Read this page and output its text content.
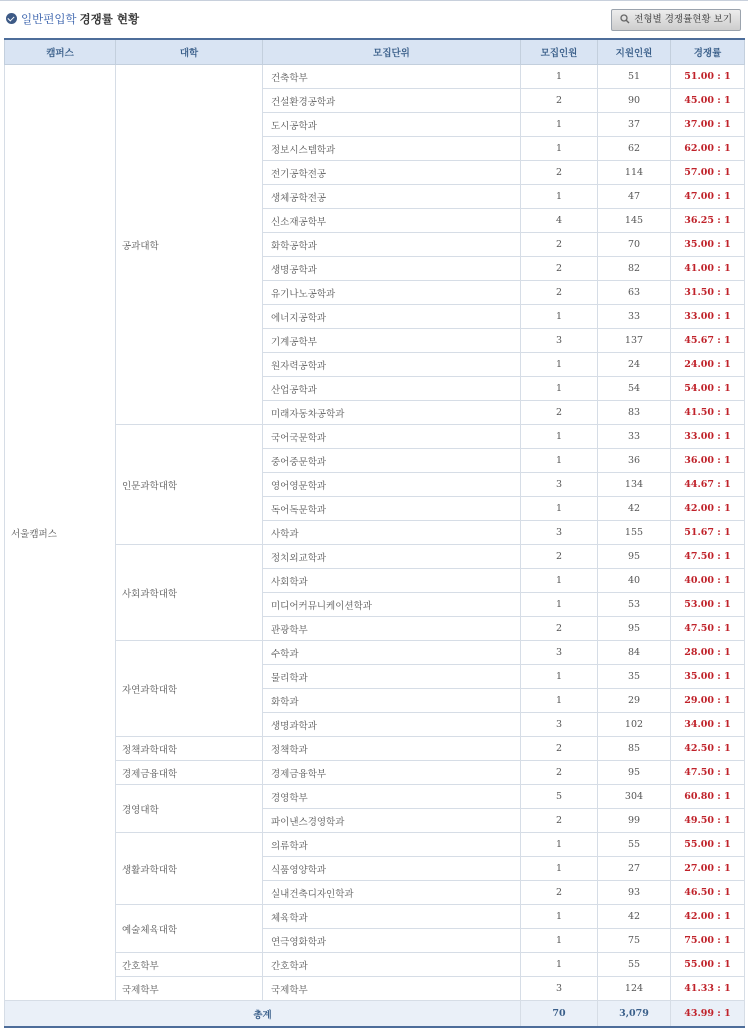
일반편입학 경쟁률 현황	전형별 경쟁률현황 보기
캠퍼스	대학	모집단위	모집인원	지원인원	경쟁률
서울캠퍼스	공과대학	건축학부	1	51	51.00 : 1
		건설환경공학과	2	90	45.00 : 1
		도시공학과	1	37	37.00 : 1
		정보시스템학과	1	62	62.00 : 1
		전기공학전공	2	114	57.00 : 1
		생체공학전공	1	47	47.00 : 1
		신소재공학부	4	145	36.25 : 1
		화학공학과	2	70	35.00 : 1
		생명공학과	2	82	41.00 : 1
		유기나노공학과	2	63	31.50 : 1
		에너지공학과	1	33	33.00 : 1
		기계공학부	3	137	45.67 : 1
		원자력공학과	1	24	24.00 : 1
		산업공학과	1	54	54.00 : 1
		미래자동차공학과	2	83	41.50 : 1
	인문과학대학	국어국문학과	1	33	33.00 : 1
		중어중문학과	1	36	36.00 : 1
		영어영문학과	3	134	44.67 : 1
		독어독문학과	1	42	42.00 : 1
		사학과	3	155	51.67 : 1
	사회과학대학	정치외교학과	2	95	47.50 : 1
		사회학과	1	40	40.00 : 1
		미디어커뮤니케이션학과	1	53	53.00 : 1
		관광학부	2	95	47.50 : 1
	자연과학대학	수학과	3	84	28.00 : 1
		물리학과	1	35	35.00 : 1
		화학과	1	29	29.00 : 1
		생명과학과	3	102	34.00 : 1
	정책과학대학	정책학과	2	85	42.50 : 1
	경제금융대학	경제금융학부	2	95	47.50 : 1
	경영대학	경영학부	5	304	60.80 : 1
		파이낸스경영학과	2	99	49.50 : 1
	생활과학대학	의류학과	1	55	55.00 : 1
		식품영양학과	1	27	27.00 : 1
		실내건축디자인학과	2	93	46.50 : 1
	예술체육대학	체육학과	1	42	42.00 : 1
		연극영화학과	1	75	75.00 : 1
	간호학부	간호학과	1	55	55.00 : 1
	국제학부	국제학부	3	124	41.33 : 1
총계			70	3,079	43.99 : 1
